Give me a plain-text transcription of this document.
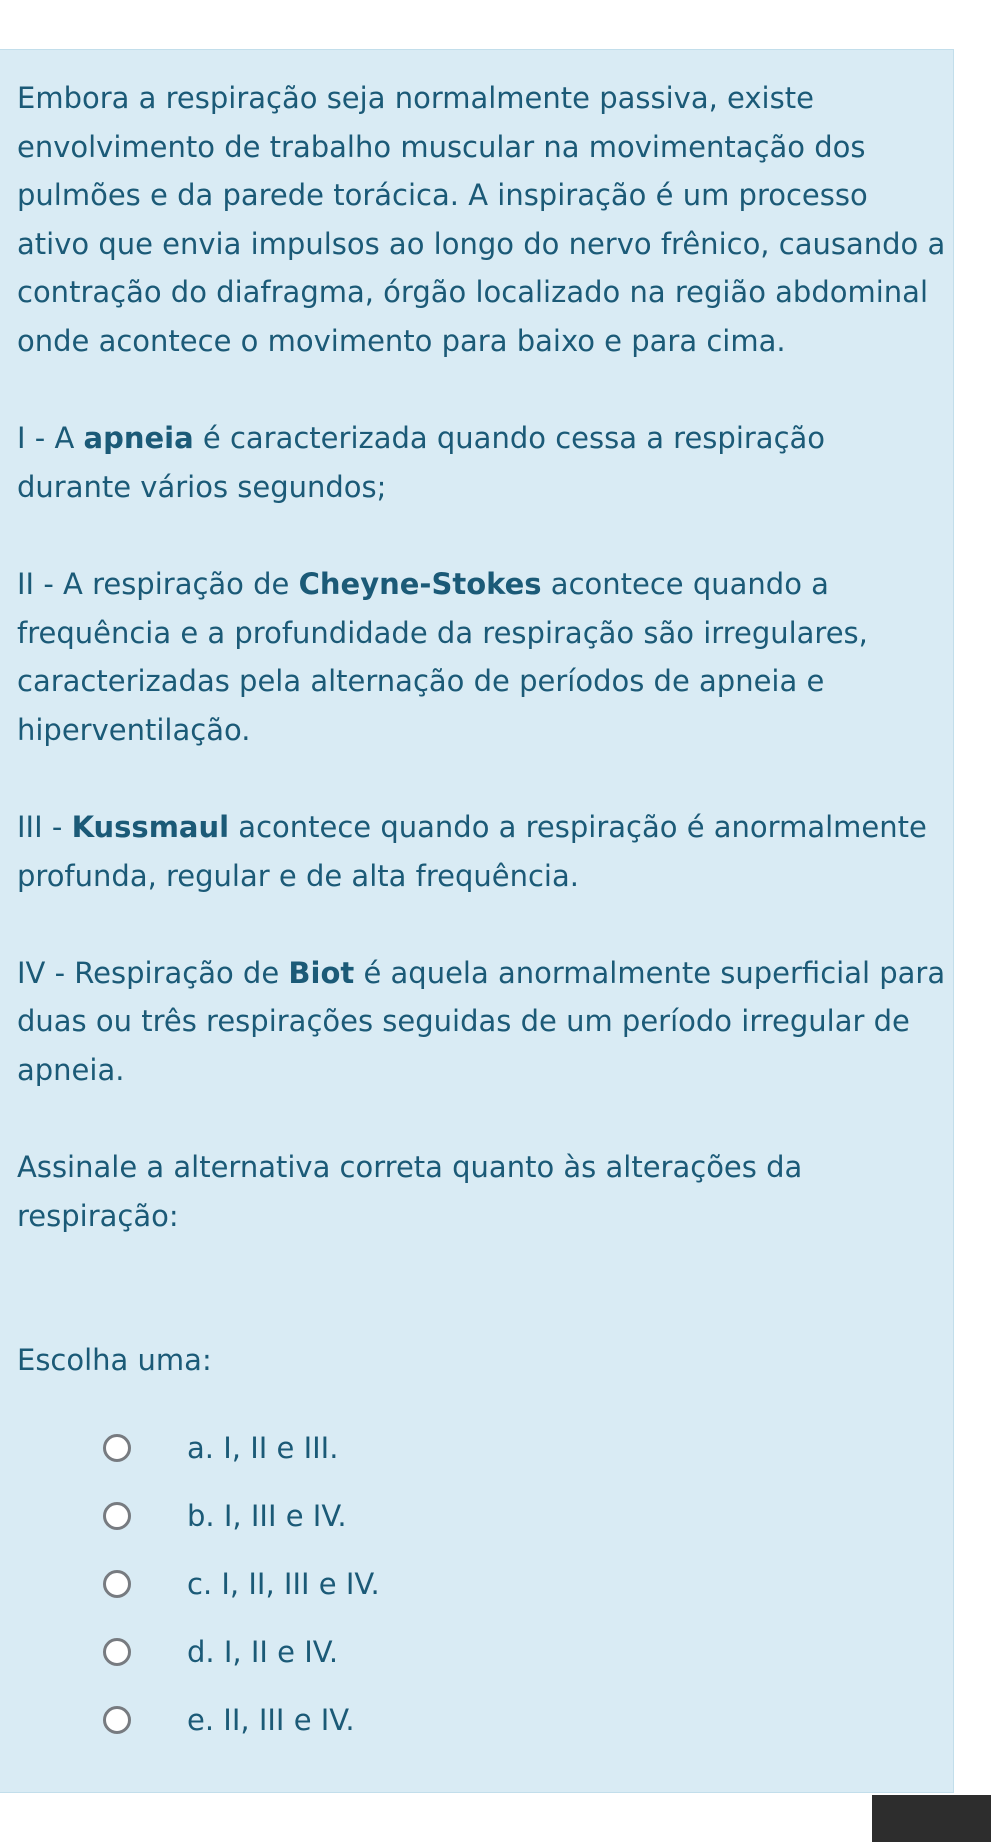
Embora a respiração seja normalmente passiva, existe envolvimento de trabalho muscular na movimentação dos pulmões e da parede torácica. A inspiração é um processo ativo que envia impulsos ao longo do nervo frênico, causando a contração do diafragma, órgão localizado na região abdominal onde acontece o movimento para baixo e para cima.

I - A apneia é caracterizada quando cessa a respiração durante vários segundos;

II - A respiração de Cheyne-Stokes acontece quando a frequência e a profundidade da respiração são irregulares, caracterizadas pela alternação de períodos de apneia e hiperventilação.

III - Kussmaul acontece quando a respiração é anormalmente profunda, regular e de alta frequência.

IV - Respiração de Biot é aquela anormalmente superficial para duas ou três respirações seguidas de um período irregular de apneia.

Assinale a alternativa correta quanto às alterações da respiração:

Escolha uma:
a. I, II e III.
b. I, III e IV.
c. I, II, III e IV.
d. I, II e IV.
e. II, III e IV.
